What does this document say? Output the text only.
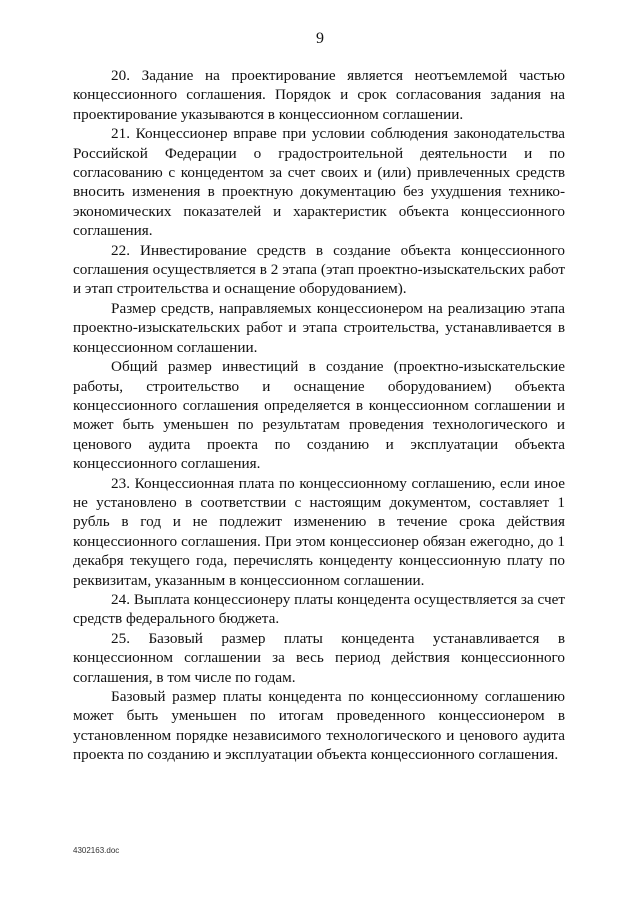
9

20. Задание на проектирование является неотъемлемой частью концессионного соглашения. Порядок и срок согласования задания на проектирование указываются в концессионном соглашении.

21. Концессионер вправе при условии соблюдения законодательства Российской Федерации о градостроительной деятельности и по согласованию с концедентом за счет своих и (или) привлеченных средств вносить изменения в проектную документацию без ухудшения технико-экономических показателей и характеристик объекта концессионного соглашения.

22. Инвестирование средств в создание объекта концессионного соглашения осуществляется в 2 этапа (этап проектно-изыскательских работ и этап строительства и оснащение оборудованием).

Размер средств, направляемых концессионером на реализацию этапа проектно-изыскательских работ и этапа строительства, устанавливается в концессионном соглашении.

Общий размер инвестиций в создание (проектно-изыскательские работы, строительство и оснащение оборудованием) объекта концессионного соглашения определяется в концессионном соглашении и может быть уменьшен по результатам проведения технологического и ценового аудита проекта по созданию и эксплуатации объекта концессионного соглашения.

23. Концессионная плата по концессионному соглашению, если иное не установлено в соответствии с настоящим документом, составляет 1 рубль в год и не подлежит изменению в течение срока действия концессионного соглашения. При этом концессионер обязан ежегодно, до 1 декабря текущего года, перечислять концеденту концессионную плату по реквизитам, указанным в концессионном соглашении.

24. Выплата концессионеру платы концедента осуществляется за счет средств федерального бюджета.

25. Базовый размер платы концедента устанавливается в концессионном соглашении за весь период действия концессионного соглашения, в том числе по годам.

Базовый размер платы концедента по концессионному соглашению может быть уменьшен по итогам проведенного концессионером в установленном порядке независимого технологического и ценового аудита проекта по созданию и эксплуатации объекта концессионного соглашения.

4302163.doc
